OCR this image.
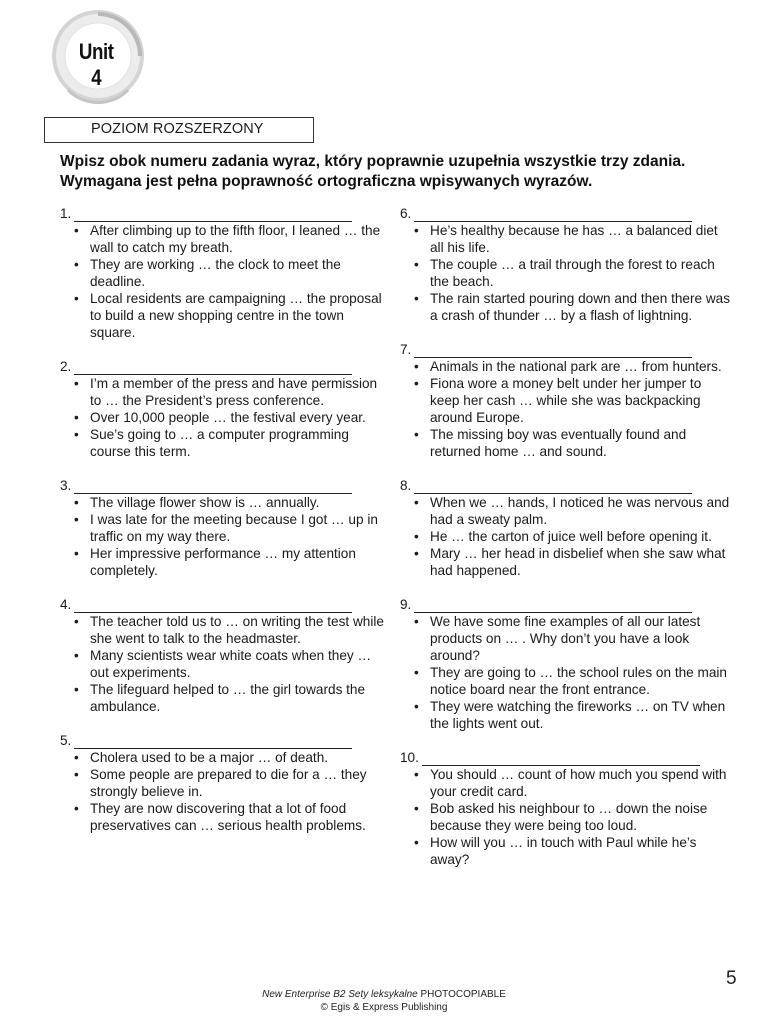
Unit 4
POZIOM ROZSZERZONY
Wpisz obok numeru zadania wyraz, który poprawnie uzupełnia wszystkie trzy zdania.
Wymagana jest pełna poprawność ortograficzna wpisywanych wyrazów.
1.
• After climbing up to the fifth floor, I leaned … the wall to catch my breath.
• They are working … the clock to meet the deadline.
• Local residents are campaigning … the proposal to build a new shopping centre in the town square.
2.
• I’m a member of the press and have permission to … the President’s press conference.
• Over 10,000 people … the festival every year.
• Sue’s going to … a computer programming course this term.
3.
• The village flower show is … annually.
• I was late for the meeting because I got … up in traffic on my way there.
• Her impressive performance … my attention completely.
4.
• The teacher told us to … on writing the test while she went to talk to the headmaster.
• Many scientists wear white coats when they … out experiments.
• The lifeguard helped to … the girl towards the ambulance.
5.
• Cholera used to be a major … of death.
• Some people are prepared to die for a … they strongly believe in.
• They are now discovering that a lot of food preservatives can … serious health problems.
6.
• He’s healthy because he has … a balanced diet all his life.
• The couple … a trail through the forest to reach the beach.
• The rain started pouring down and then there was a crash of thunder … by a flash of lightning.
7.
• Animals in the national park are … from hunters.
• Fiona wore a money belt under her jumper to keep her cash … while she was backpacking around Europe.
• The missing boy was eventually found and returned home … and sound.
8.
• When we … hands, I noticed he was nervous and had a sweaty palm.
• He … the carton of juice well before opening it.
• Mary … her head in disbelief when she saw what had happened.
9.
• We have some fine examples of all our latest products on … . Why don’t you have a look around?
• They are going to … the school rules on the main notice board near the front entrance.
• They were watching the fireworks … on TV when the lights went out.
10.
• You should … count of how much you spend with your credit card.
• Bob asked his neighbour to … down the noise because they were being too loud.
• How will you … in touch with Paul while he’s away?
New Enterprise B2 Sety leksykalne PHOTOCOPIABLE
© Egis & Express Publishing
5
